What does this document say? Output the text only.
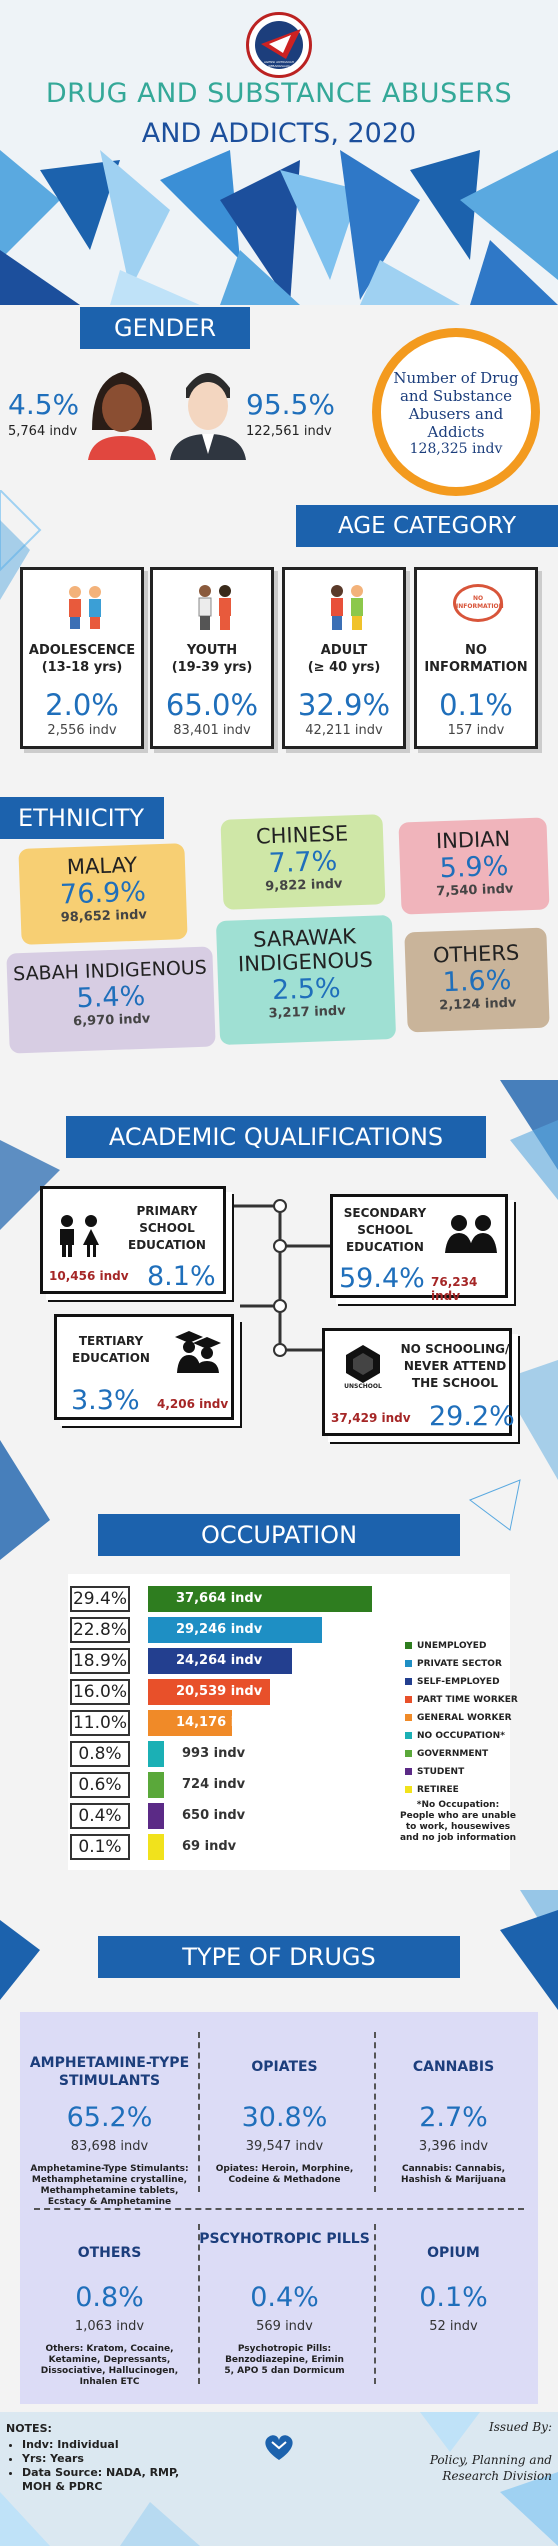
AGENSI ANTIDADAH KEBANGSAAN
DRUG AND SUBSTANCE ABUSERS
AND ADDICTS, 2020
GENDER
4.5%
5,764 indv
95.5%
122,561 indv
Number of Drug and Substance Abusers and Addicts
128,325 indv
AGE CATEGORY
ADOLESCENCE
(13-18 yrs)
2.0%
2,556 indv
YOUTH
(19-39 yrs)
65.0%
83,401 indv
ADULT
(≥ 40 yrs)
32.9%
42,211 indv
NO INFORMATION
NO
INFORMATION
0.1%
157 indv
ETHNICITY
MALAY
76.9%
98,652 indv
CHINESE
7.7%
9,822 indv
INDIAN
5.9%
7,540 indv
SABAH INDIGENOUS
5.4%
6,970 indv
SARAWAK INDIGENOUS
2.5%
3,217 indv
OTHERS
1.6%
2,124 indv
ACADEMIC QUALIFICATIONS
PRIMARY SCHOOL EDUCATION
10,456 indv 8.1%
SECONDARY SCHOOL EDUCATION
59.4% 76,234 indv
TERTIARY EDUCATION
3.3% 4,206 indv
UNSCHOOL
NO SCHOOLING/ NEVER ATTEND THE SCHOOL
37,429 indv 29.2%
OCCUPATION
29.4%	37,664 indv
UNEMPLOYED
22.8%	29,246 indv
PRIVATE SECTOR
18.9%	24,264 indv
SELF-EMPLOYED
16.0%	20,539 indv
PART TIME WORKER
11.0%	14,176 indv	GENERAL WORKER
0.8%	993 indv
NO OCCUPATION*
0.6%	724 indv
GOVERNMENT
0.4%	650 indv
STUDENT
0.1%	69 indv
RETIREE
*No Occupation: People who are unable to work, housewives and no job information
TYPE OF DRUGS
AMPHETAMINE-TYPE STIMULANTS
65.2%
83,698 indv
Amphetamine-Type Stimulants: Methamphetamine crystalline, Methamphetamine tablets, Ecstacy & Amphetamine
OPIATES
30.8%
39,547 indv
Opiates: Heroin, Morphine, Codeine & Methadone
CANNABIS
2.7%
3,396 indv
Cannabis: Cannabis, Hashish & Marijuana
OTHERS
0.8%
1,063 indv
Others: Kratom, Cocaine, Ketamine, Depressants, Dissociative, Hallucinogen, Inhalen ETC
PSCYHOTROPIC PILLS
0.4%
569 indv
Psychotropic Pills: Benzodiazepine, Erimin 5, APO 5 dan Dormicum
OPIUM
0.1%
52 indv
NOTES:
• Indv: Individual
• Yrs: Years
• Data Source: NADA, RMP, MOH & PDRC
Issued By:
Policy, Planning and Research Division
